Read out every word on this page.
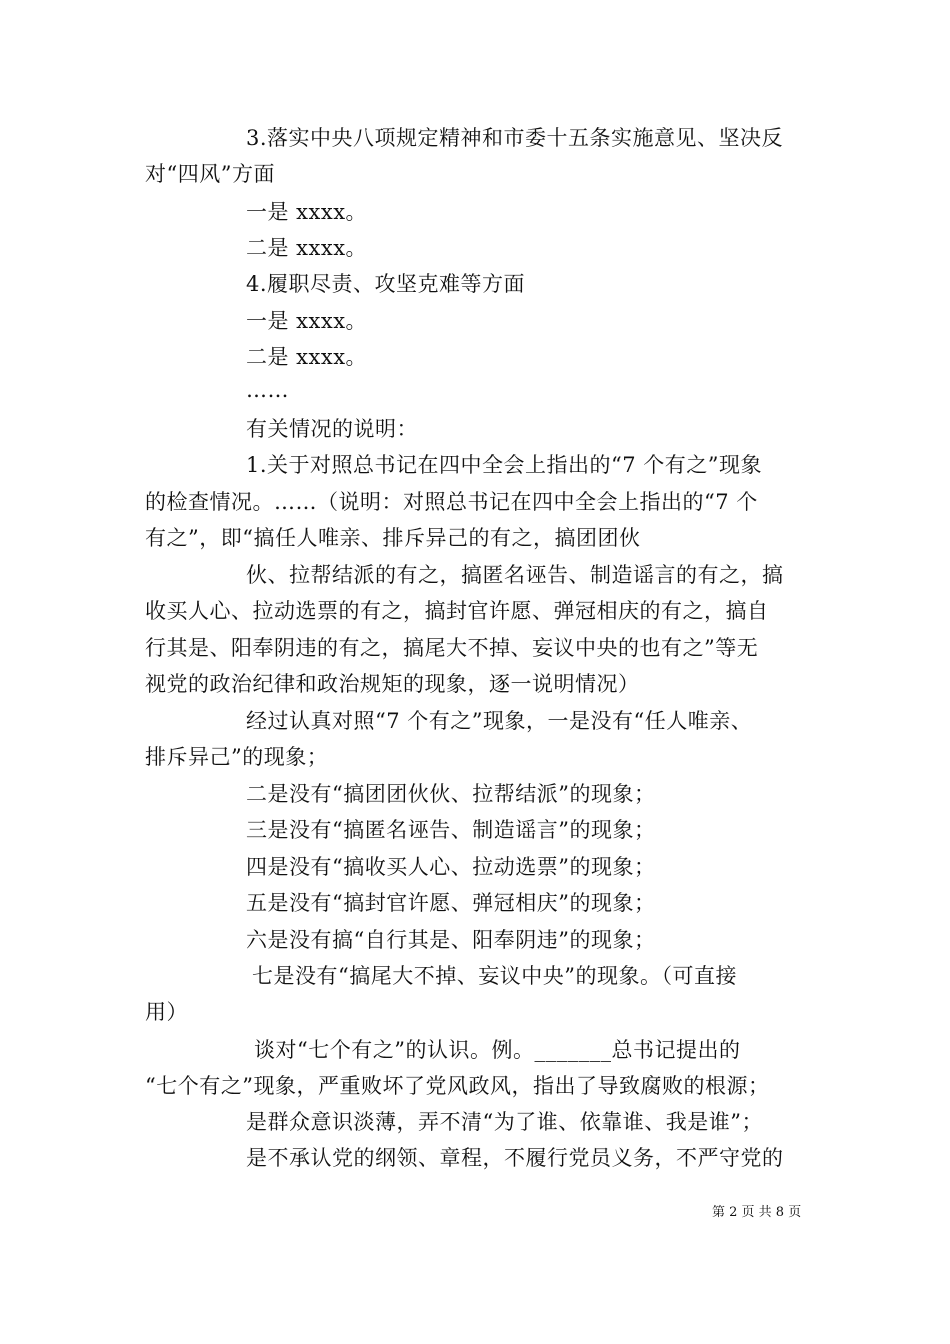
3.落实中央八项规定精神和市委十五条实施意见、坚决反
对“四风”方面
一是 xxxx。
二是 xxxx。
4.履职尽责、攻坚克难等方面
一是 xxxx。
二是 xxxx。
……
有关情况的说明：
1.关于对照总书记在四中全会上指出的“7 个有之”现象
的检查情况。……（说明：对照总书记在四中全会上指出的“7 个
有之”，即“搞任人唯亲、排斥异己的有之，搞团团伙
伙、拉帮结派的有之，搞匿名诬告、制造谣言的有之，搞
收买人心、拉动选票的有之，搞封官许愿、弹冠相庆的有之，搞自
行其是、阳奉阴违的有之，搞尾大不掉、妄议中央的也有之”等无
视党的政治纪律和政治规矩的现象，逐一说明情况）
经过认真对照“7 个有之”现象，一是没有“任人唯亲、
排斥异己”的现象；
二是没有“搞团团伙伙、拉帮结派”的现象；
三是没有“搞匿名诬告、制造谣言”的现象；
四是没有“搞收买人心、拉动选票”的现象；
五是没有“搞封官许愿、弹冠相庆”的现象；
六是没有搞“自行其是、阳奉阴违”的现象；
七是没有“搞尾大不掉、妄议中央”的现象。（可直接
用）
谈对“七个有之”的认识。例。_______总书记提出的
“七个有之”现象，严重败坏了党风政风，指出了导致腐败的根源；
是群众意识淡薄，弄不清“为了谁、依靠谁、我是谁”；
是不承认党的纲领、章程，不履行党员义务，不严守党的
第 2 页 共 8 页
